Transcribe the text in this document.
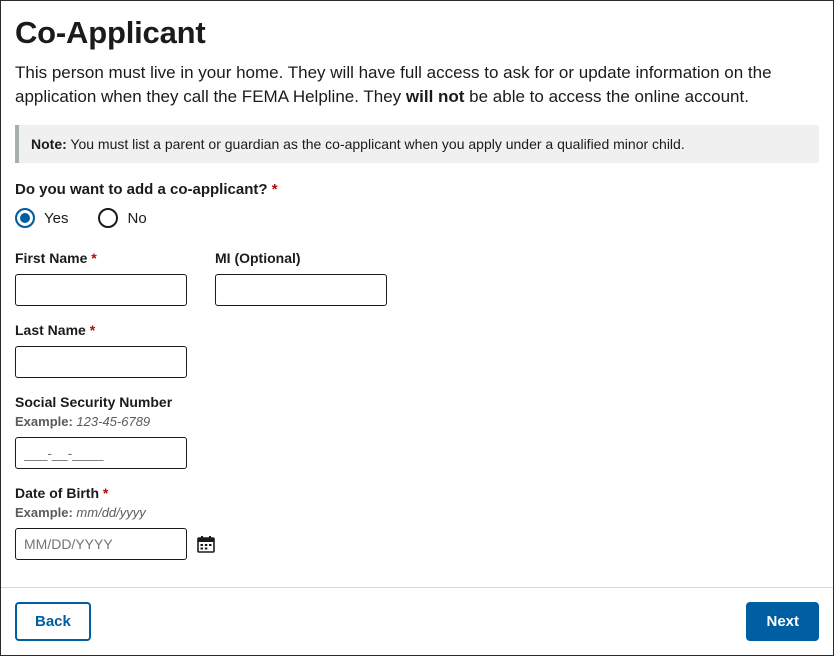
Co-Applicant

This person must live in your home. They will have full access to ask for or update information on the application when they call the FEMA Helpline. They will not be able to access the online account.

Note: You must list a parent or guardian as the co-applicant when you apply under a qualified minor child.
Do you want to add a co-applicant? *
Yes	No
First Name *	MI (Optional)
Last Name *
Social Security Number
Example: 123-45-6789
___-__-____
Date of Birth *
Example: mm/dd/yyyy
MM/DD/YYYY
Back	Next
